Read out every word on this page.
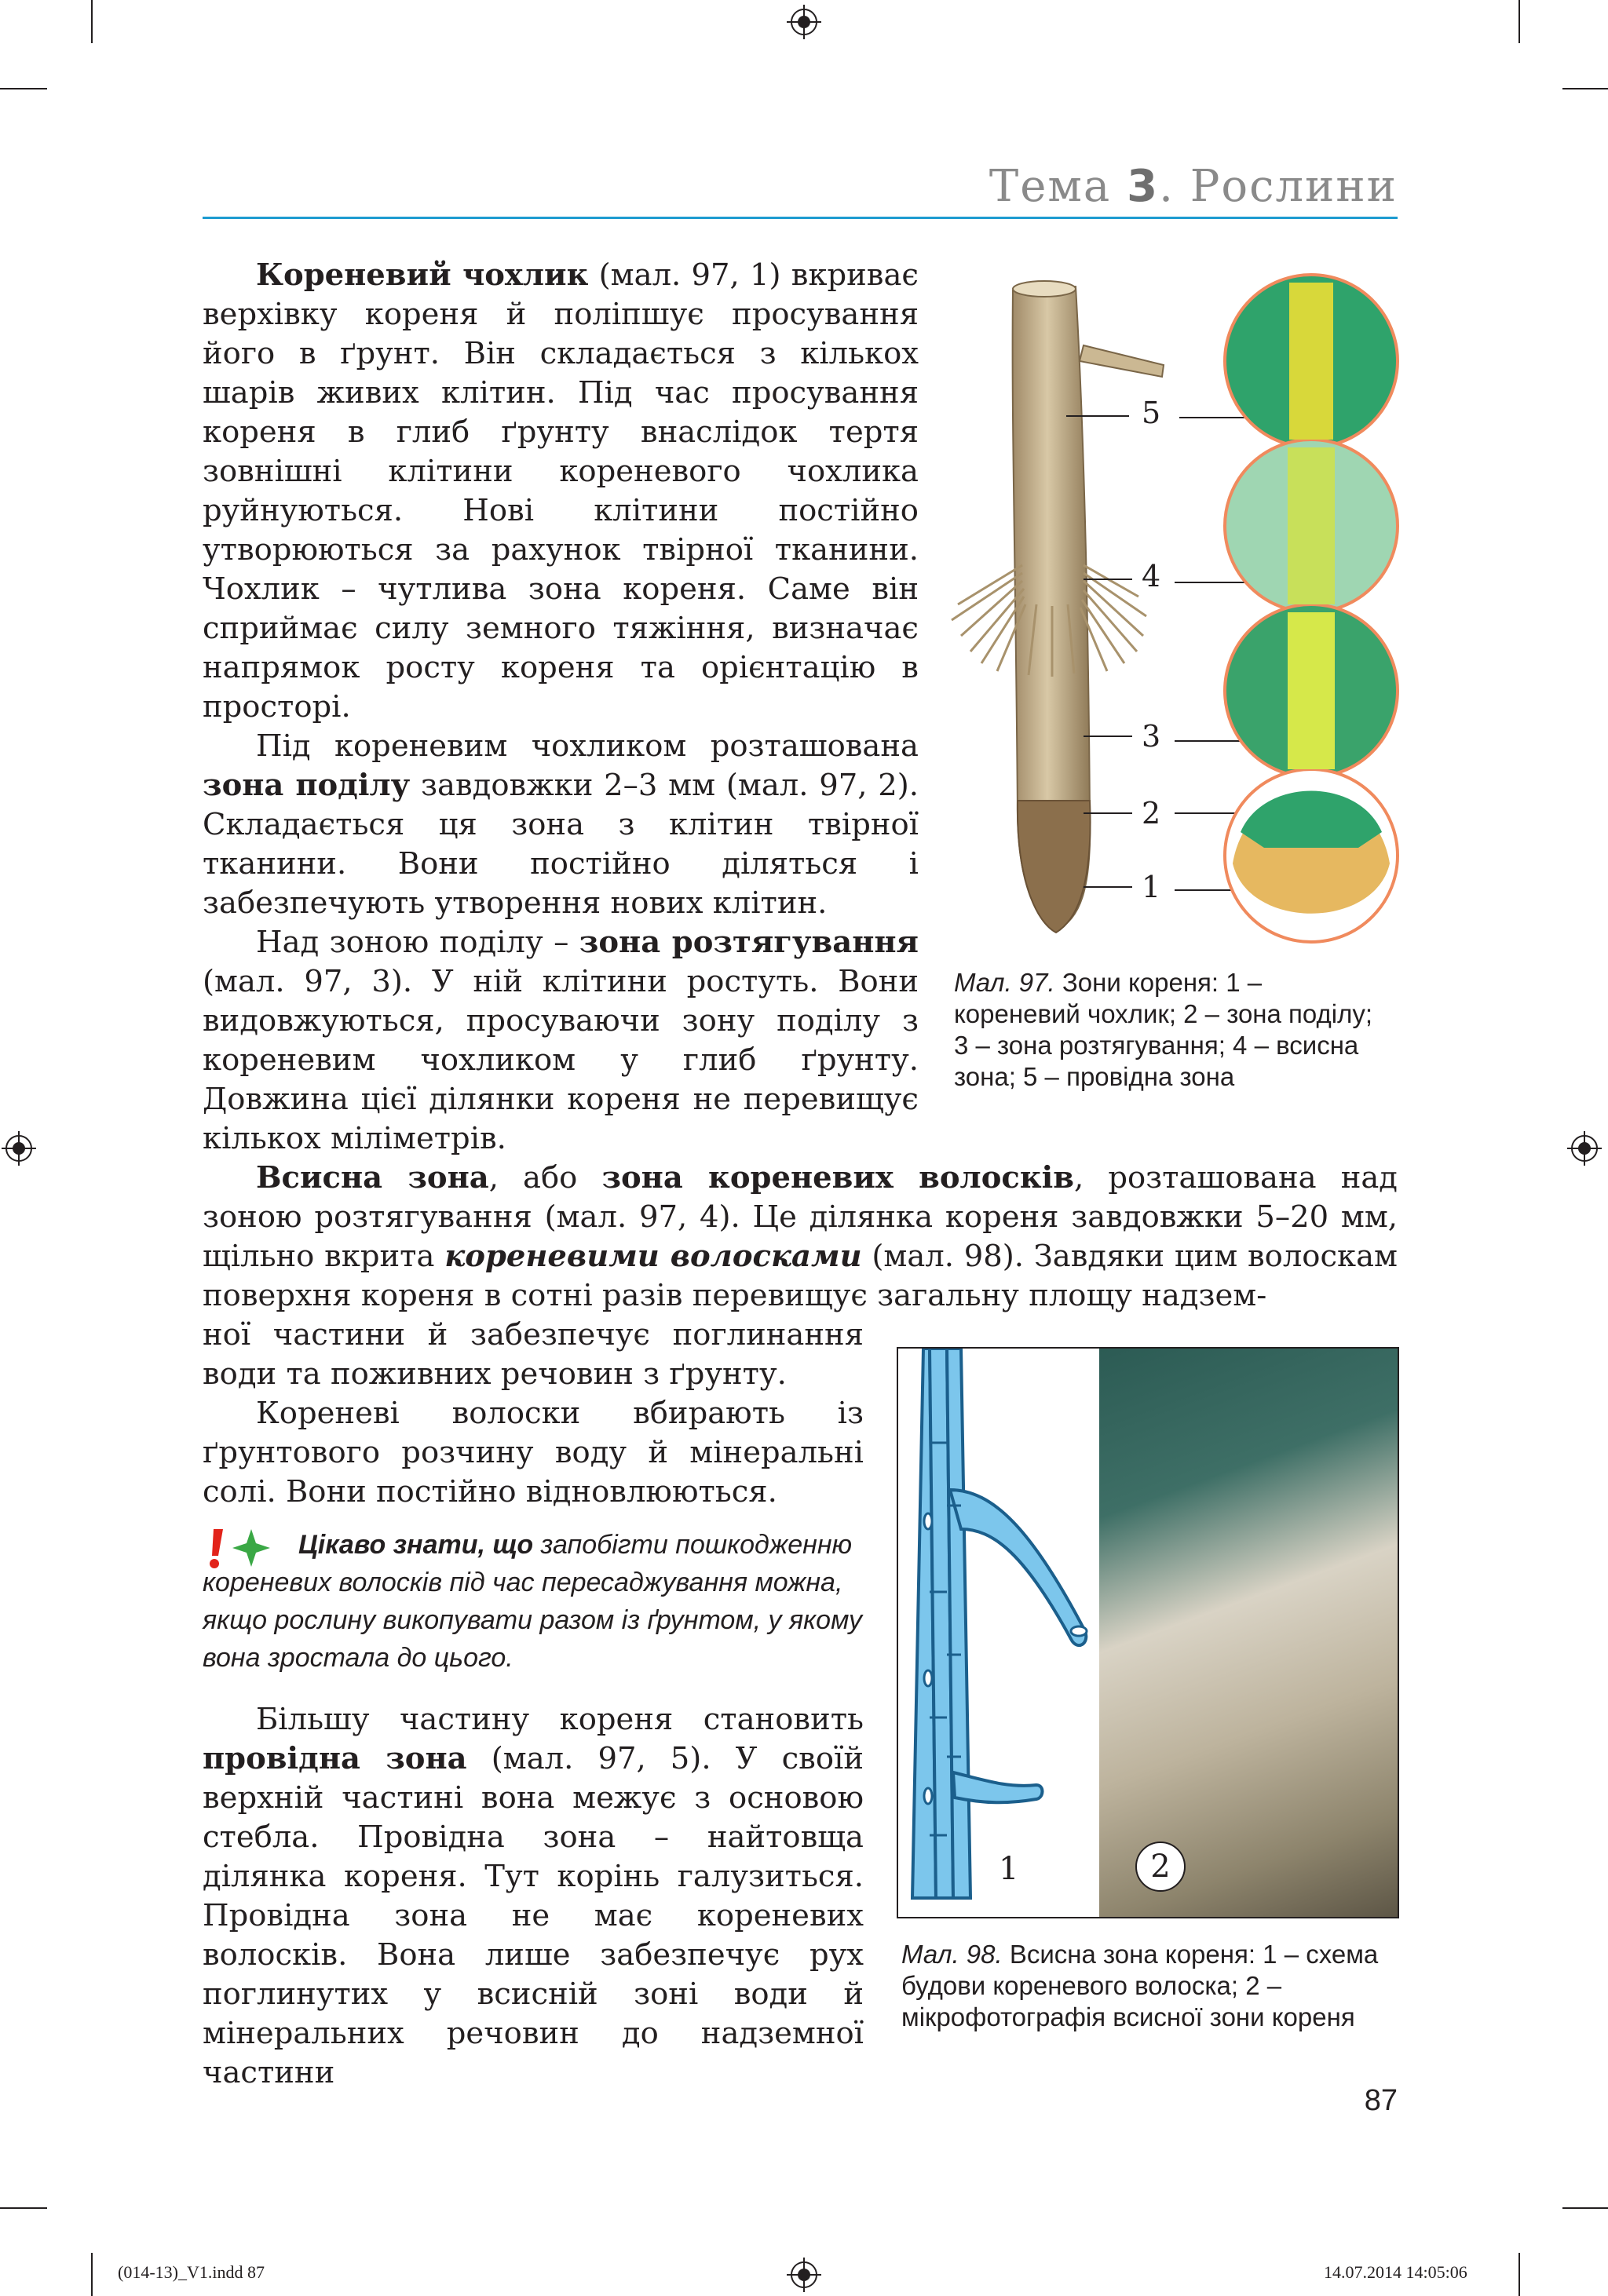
Тема 3. Рослини

Кореневий чохлик (мал. 97, 1) вкриває верхівку кореня й поліпшує просування його в ґрунт. Він складається з кількох шарів живих клітин. Під час просування кореня в глиб ґрунту внаслідок тертя зовнішні клітини кореневого чохлика руйнуються. Нові клітини постійно утворюються за рахунок твірної тканини. Чохлик – чутлива зона кореня. Саме він сприймає силу земного тяжіння, визначає напрямок росту кореня та орієнтацію в просторі.

Під кореневим чохликом розташована зона поділу завдовжки 2–3 мм (мал. 97, 2). Складається ця зона з клітин твірної тканини. Вони постійно діляться і забезпечують утворення нових клітин.

Над зоною поділу – зона розтягування (мал. 97, 3). У ній клітини ростуть. Вони видовжуються, просуваючи зону поділу з кореневим чохликом у глиб ґрунту. Довжина цієї ділянки кореня не перевищує кількох міліметрів.

Всисна зона, або зона кореневих волосків, розташована над зоною розтягування (мал. 97, 4). Це ділянка кореня завдовжки 5–20 мм, щільно вкрита кореневими волосками (мал. 98). Завдяки цим волоскам поверхня кореня в сотні разів перевищує загальну площу надзем-

ної частини й забезпечує поглинання води та поживних речовин з ґрунту.

Кореневі волоски вбирають із ґрунтового розчину воду й мінеральні солі. Вони постійно відновлюються.

Цікаво знати, що запобігти пошкодженню кореневих волосків під час пересаджування можна, якщо рослину викопувати разом із ґрунтом, у якому вона зростала до цього.

Більшу частину кореня становить провідна зона (мал. 97, 5). У своїй верхній частині вона межує з основою стебла. Провідна зона – найтовща ділянка кореня. Тут корінь галузиться. Провідна зона не має кореневих волосків. Вона лише забезпечує рух поглинутих у всисній зоні води й мінеральних речовин до надземної частини

5
4
3
2
1
Мал. 97. Зони кореня: 1 – кореневий чохлик; 2 – зона поділу; 3 – зона розтягування; 4 – всисна зона; 5 – провідна зона
1	2
Мал. 98. Всисна зона кореня: 1 – схема будови кореневого волоска; 2 – мікрофотографія всисної зони кореня
87
(014-13)_V1.indd 87	14.07.2014 14:05:06
